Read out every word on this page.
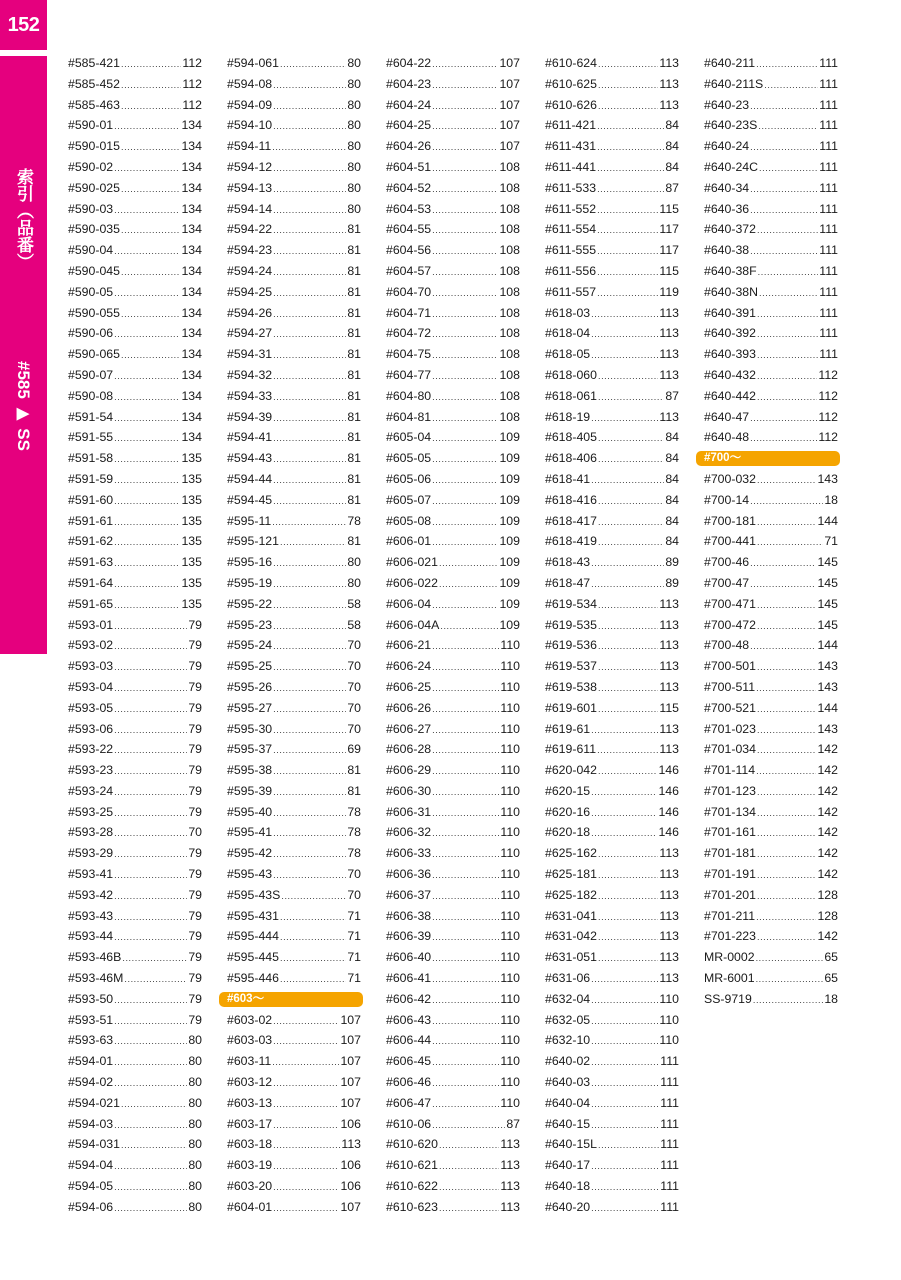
152
索引（品番）
#585 ▶ SS
#585-421 .....	112
#585-452 .....	112
#585-463 .....	112
#590-01 .....	134
#590-015 .....	134
#590-02 .....	134
#590-025 .....	134
#590-03 .....	134
#590-035 .....	134
#590-04 .....	134
#590-045 .....	134
#590-05 .....	134
#590-055 .....	134
#590-06 .....	134
#590-065 .....	134
#590-07 .....	134
#590-08 .....	134
#591-54 .....	134
#591-55 .....	134
#591-58 .....	135
#591-59 .....	135
#591-60 .....	135
#591-61 .....	135
#591-62 .....	135
#591-63 .....	135
#591-64 .....	135
#591-65 .....	135
#593-01 .....	79
#593-02 .....	79
#593-03 .....	79
#593-04 .....	79
#593-05 .....	79
#593-06 .....	79
#593-22 .....	79
#593-23 .....	79
#593-24 .....	79
#593-25 .....	79
#593-28 .....	70
#593-29 .....	79
#593-41 .....	79
#593-42 .....	79
#593-43 .....	79
#593-44 .....	79
#593-46B .....	79
#593-46M .....	79
#593-50 .....	79
#593-51 .....	79
#593-63 .....	80
#594-01 .....	80
#594-02 .....	80
#594-021 .....	80
#594-03 .....	80
#594-031 .....	80
#594-04 .....	80
#594-05 .....	80
#594-06 .....	80
#594-061 .....	80
#594-08 .....	80
#594-09 .....	80
#594-10 .....	80
#594-11 .....	80
#594-12 .....	80
#594-13 .....	80
#594-14 .....	80
#594-22 .....	81
#594-23 .....	81
#594-24 .....	81
#594-25 .....	81
#594-26 .....	81
#594-27 .....	81
#594-31 .....	81
#594-32 .....	81
#594-33 .....	81
#594-39 .....	81
#594-41 .....	81
#594-43 .....	81
#594-44 .....	81
#594-45 .....	81
#595-11 .....	78
#595-121 .....	81
#595-16 .....	80
#595-19 .....	80
#595-22 .....	58
#595-23 .....	58
#595-24 .....	70
#595-25 .....	70
#595-26 .....	70
#595-27 .....	70
#595-30 .....	70
#595-37 .....	69
#595-38 .....	81
#595-39 .....	81
#595-40 .....	78
#595-41 .....	78
#595-42 .....	78
#595-43 .....	70
#595-43S .....	70
#595-431 .....	71
#595-444 .....	71
#595-445 .....	71
#595-446 .....	71
#603〜
#603-02 .....	107
#603-03 .....	107
#603-11 .....	107
#603-12 .....	107
#603-13 .....	107
#603-17 .....	106
#603-18 .....	113
#603-19 .....	106
#603-20 .....	106
#604-01 .....	107
#604-22 .....	107
#604-23 .....	107
#604-24 .....	107
#604-25 .....	107
#604-26 .....	107
#604-51 .....	108
#604-52 .....	108
#604-53 .....	108
#604-55 .....	108
#604-56 .....	108
#604-57 .....	108
#604-70 .....	108
#604-71 .....	108
#604-72 .....	108
#604-75 .....	108
#604-77 .....	108
#604-80 .....	108
#604-81 .....	108
#605-04 .....	109
#605-05 .....	109
#605-06 .....	109
#605-07 .....	109
#605-08 .....	109
#606-01 .....	109
#606-021 .....	109
#606-022 .....	109
#606-04 .....	109
#606-04A .....	109
#606-21 .....	110
#606-24 .....	110
#606-25 .....	110
#606-26 .....	110
#606-27 .....	110
#606-28 .....	110
#606-29 .....	110
#606-30 .....	110
#606-31 .....	110
#606-32 .....	110
#606-33 .....	110
#606-36 .....	110
#606-37 .....	110
#606-38 .....	110
#606-39 .....	110
#606-40 .....	110
#606-41 .....	110
#606-42 .....	110
#606-43 .....	110
#606-44 .....	110
#606-45 .....	110
#606-46 .....	110
#606-47 .....	110
#610-06 .....	87
#610-620 .....	113
#610-621 .....	113
#610-622 .....	113
#610-623 .....	113
#610-624 .....	113
#610-625 .....	113
#610-626 .....	113
#611-421 .....	84
#611-431 .....	84
#611-441 .....	84
#611-533 .....	87
#611-552 .....	115
#611-554 .....	117
#611-555 .....	117
#611-556 .....	115
#611-557 .....	119
#618-03 .....	113
#618-04 .....	113
#618-05 .....	113
#618-060 .....	113
#618-061 .....	87
#618-19 .....	113
#618-405 .....	84
#618-406 .....	84
#618-41 .....	84
#618-416 .....	84
#618-417 .....	84
#618-419 .....	84
#618-43 .....	89
#618-47 .....	89
#619-534 .....	113
#619-535 .....	113
#619-536 .....	113
#619-537 .....	113
#619-538 .....	113
#619-601 .....	115
#619-61 .....	113
#619-611 .....	113
#620-042 .....	146
#620-15 .....	146
#620-16 .....	146
#620-18 .....	146
#625-162 .....	113
#625-181 .....	113
#625-182 .....	113
#631-041 .....	113
#631-042 .....	113
#631-051 .....	113
#631-06 .....	113
#632-04 .....	110
#632-05 .....	110
#632-10 .....	110
#640-02 .....	111
#640-03 .....	111
#640-04 .....	111
#640-15 .....	111
#640-15L .....	111
#640-17 .....	111
#640-18 .....	111
#640-20 .....	111
#640-211 .....	111
#640-211S .....	111
#640-23 .....	111
#640-23S .....	111
#640-24 .....	111
#640-24C .....	111
#640-34 .....	111
#640-36 .....	111
#640-372 .....	111
#640-38 .....	111
#640-38F .....	111
#640-38N .....	111
#640-391 .....	111
#640-392 .....	111
#640-393 .....	111
#640-432 .....	112
#640-442 .....	112
#640-47 .....	112
#640-48 .....	112
#700〜
#700-032 .....	143
#700-14 .....	18
#700-181 .....	144
#700-441 .....	71
#700-46 .....	145
#700-47 .....	145
#700-471 .....	145
#700-472 .....	145
#700-48 .....	144
#700-501 .....	143
#700-511 .....	143
#700-521 .....	144
#701-023 .....	143
#701-034 .....	142
#701-114 .....	142
#701-123 .....	142
#701-134 .....	142
#701-161 .....	142
#701-181 .....	142
#701-191 .....	142
#701-201 .....	128
#701-211 .....	128
#701-223 .....	142
MR-0002 .....	65
MR-6001 .....	65
SS-9719 .....	18
